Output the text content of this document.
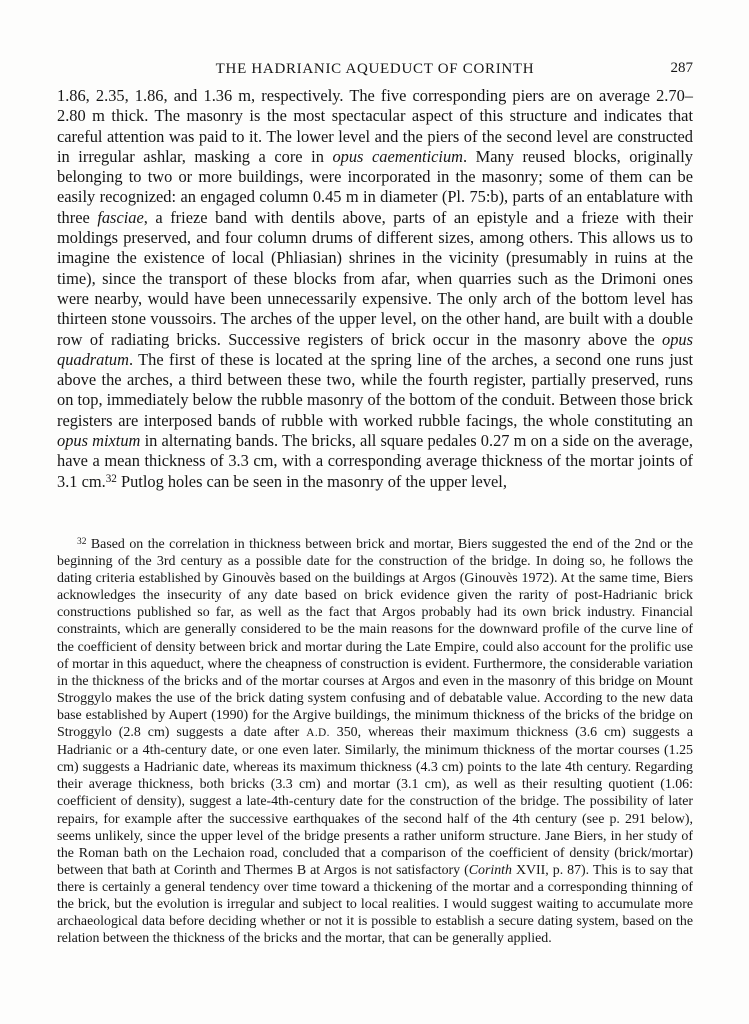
THE HADRIANIC AQUEDUCT OF CORINTH	287

1.86, 2.35, 1.86, and 1.36 m, respectively. The five corresponding piers are on average 2.70–2.80 m thick. The masonry is the most spectacular aspect of this structure and indicates that careful attention was paid to it. The lower level and the piers of the second level are constructed in irregular ashlar, masking a core in opus caementicium. Many reused blocks, originally belonging to two or more buildings, were incorporated in the masonry; some of them can be easily recognized: an engaged column 0.45 m in diameter (Pl. 75:b), parts of an entablature with three fasciae, a frieze band with dentils above, parts of an epistyle and a frieze with their moldings preserved, and four column drums of different sizes, among others. This allows us to imagine the existence of local (Phliasian) shrines in the vicinity (presumably in ruins at the time), since the transport of these blocks from afar, when quarries such as the Drimoni ones were nearby, would have been unnecessarily expensive. The only arch of the bottom level has thirteen stone voussoirs. The arches of the upper level, on the other hand, are built with a double row of radiating bricks. Successive registers of brick occur in the masonry above the opus quadratum. The first of these is located at the spring line of the arches, a second one runs just above the arches, a third between these two, while the fourth register, partially preserved, runs on top, immediately below the rubble masonry of the bottom of the conduit. Between those brick registers are interposed bands of rubble with worked rubble facings, the whole constituting an opus mixtum in alternating bands. The bricks, all square pedales 0.27 m on a side on the average, have a mean thickness of 3.3 cm, with a corresponding average thickness of the mortar joints of 3.1 cm.$^{32}$ Putlog holes can be seen in the masonry of the upper level,

$^{32}$ Based on the correlation in thickness between brick and mortar, Biers suggested the end of the 2nd or the beginning of the 3rd century as a possible date for the construction of the bridge. In doing so, he follows the dating criteria established by Ginouvès based on the buildings at Argos (Ginouvès 1972). At the same time, Biers acknowledges the insecurity of any date based on brick evidence given the rarity of post-Hadrianic brick constructions published so far, as well as the fact that Argos probably had its own brick industry. Financial constraints, which are generally considered to be the main reasons for the downward profile of the curve line of the coefficient of density between brick and mortar during the Late Empire, could also account for the prolific use of mortar in this aqueduct, where the cheapness of construction is evident. Furthermore, the considerable variation in the thickness of the bricks and of the mortar courses at Argos and even in the masonry of this bridge on Mount Stroggylo makes the use of the brick dating system confusing and of debatable value. According to the new data base established by Aupert (1990) for the Argive buildings, the minimum thickness of the bricks of the bridge on Stroggylo (2.8 cm) suggests a date after A.D. 350, whereas their maximum thickness (3.6 cm) suggests a Hadrianic or a 4th-century date, or one even later. Similarly, the minimum thickness of the mortar courses (1.25 cm) suggests a Hadrianic date, whereas its maximum thickness (4.3 cm) points to the late 4th century. Regarding their average thickness, both bricks (3.3 cm) and mortar (3.1 cm), as well as their resulting quotient (1.06: coefficient of density), suggest a late-4th-century date for the construction of the bridge. The possibility of later repairs, for example after the successive earthquakes of the second half of the 4th century (see p. 291 below), seems unlikely, since the upper level of the bridge presents a rather uniform structure. Jane Biers, in her study of the Roman bath on the Lechaion road, concluded that a comparison of the coefficient of density (brick/mortar) between that bath at Corinth and Thermes B at Argos is not satisfactory (Corinth XVII, p. 87). This is to say that there is certainly a general tendency over time toward a thickening of the mortar and a corresponding thinning of the brick, but the evolution is irregular and subject to local realities. I would suggest waiting to accumulate more archaeological data before deciding whether or not it is possible to establish a secure dating system, based on the relation between the thickness of the bricks and the mortar, that can be generally applied.
